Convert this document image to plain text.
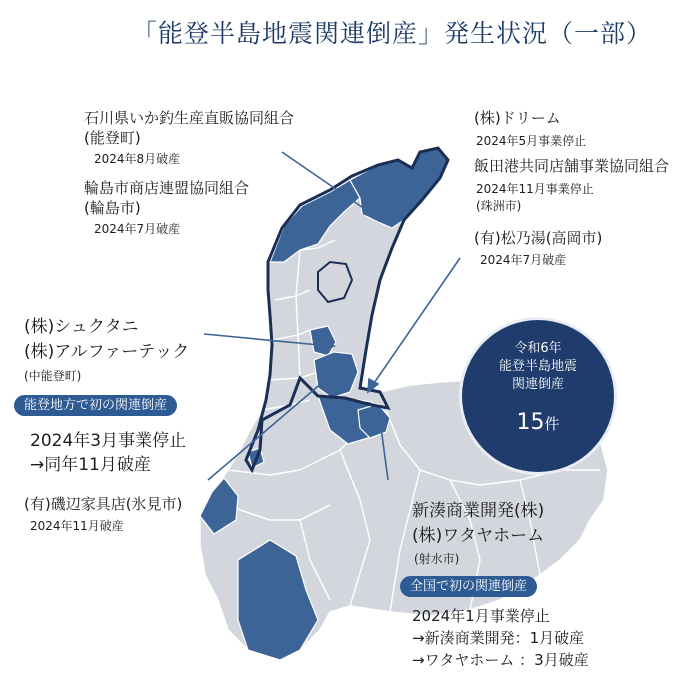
「能登半島地震関連倒産」発生状況（一部）
石川県いか釣生産直販協同組合
(能登町)
2024年8月破産
輪島市商店連盟協同組合
(輪島市)
2024年7月破産
(株)ドリーム
2024年5月事業停止
飯田港共同店舗事業協同組合
2024年11月事業停止
(珠洲市)
(有)松乃湯(高岡市)
2024年7月破産
(株)シュクタニ
(株)アルファーテック
(中能登町)
能登地方で初の関連倒産
2024年3月事業停止
→同年11月破産
(有)磯辺家具店(氷見市)
2024年11月破産
令和6年
能登半島地震
関連倒産
15件
新湊商業開発(株)
(株)ワタヤホーム
(射水市)
全国で初の関連倒産
2024年1月事業停止
→新湊商業開発：1月破産
→ワタヤホーム ：3月破産
